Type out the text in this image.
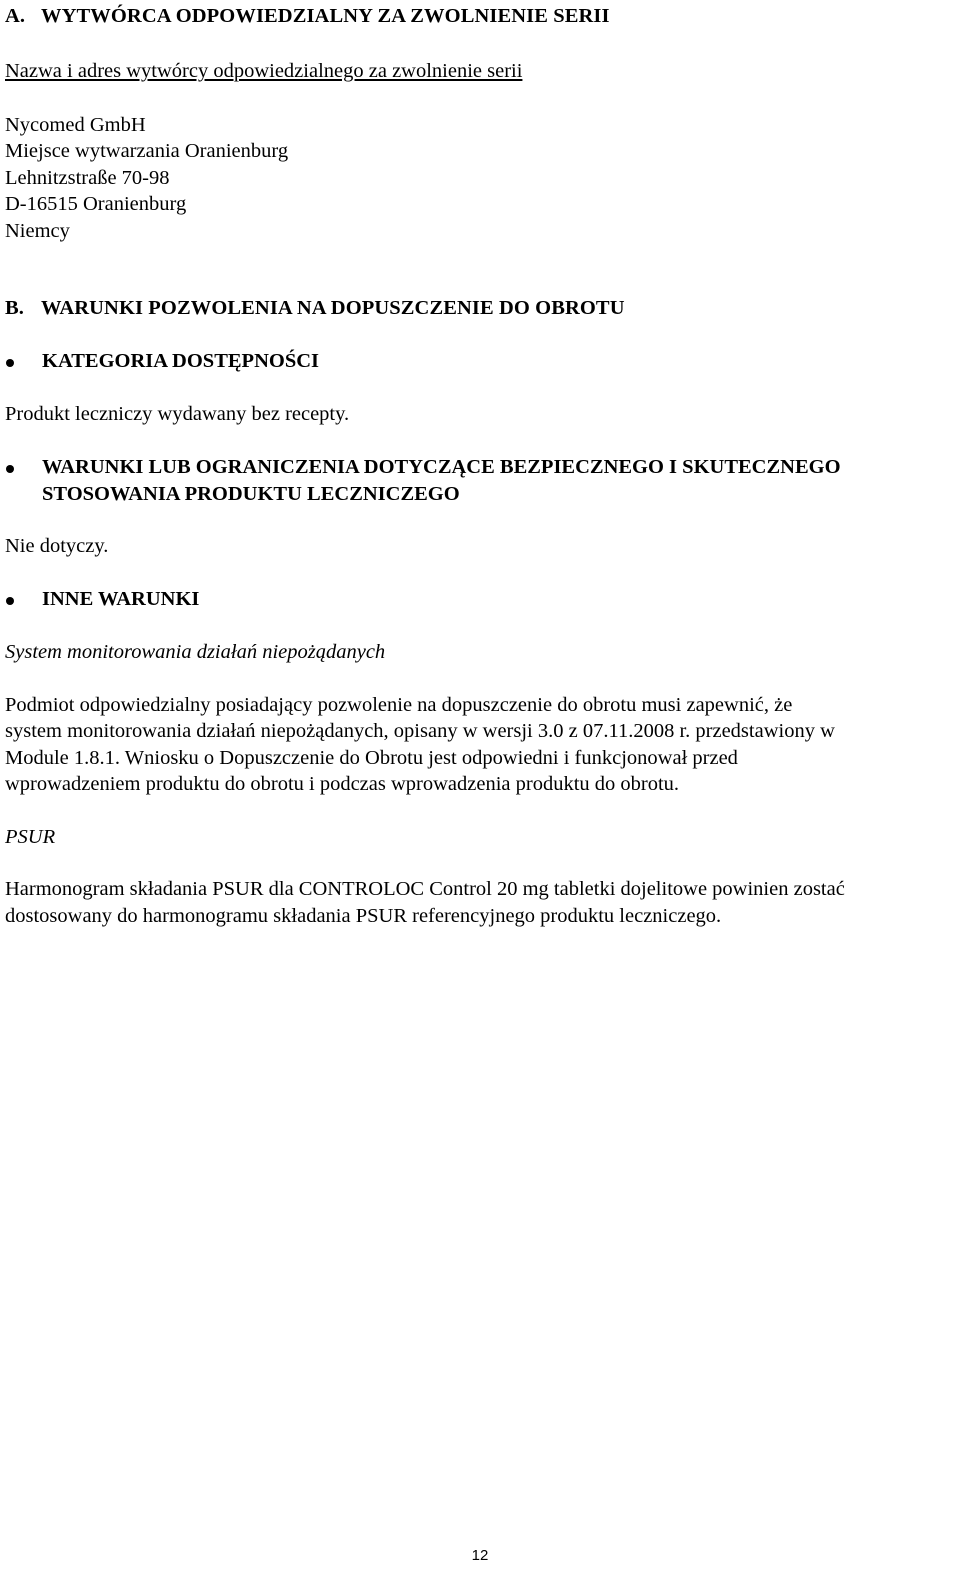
A. WYTWÓRCA ODPOWIEDZIALNY ZA ZWOLNIENIE SERII

Nazwa i adres wytwórcy odpowiedzialnego za zwolnienie serii

Nycomed GmbH

Miejsce wytwarzania Oranienburg

Lehnitzstraße 70-98

D-16515 Oranienburg

Niemcy

B. WARUNKI POZWOLENIA NA DOPUSZCZENIE DO OBROTU
KATEGORIA DOSTĘPNOŚCI

Produkt leczniczy wydawany bez recepty.

WARUNKI LUB OGRANICZENIA DOTYCZĄCE BEZPIECZNEGO I SKUTECZNEGO
STOSOWANIA PRODUKTU LECZNICZEGO

Nie dotyczy.

INNE WARUNKI

System monitorowania działań niepożądanych

Podmiot odpowiedzialny posiadający pozwolenie na dopuszczenie do obrotu musi zapewnić, że

system monitorowania działań niepożądanych, opisany w wersji 3.0 z 07.11.2008 r. przedstawiony w

Module 1.8.1. Wniosku o Dopuszczenie do Obrotu jest odpowiedni i funkcjonował przed

wprowadzeniem produktu do obrotu i podczas wprowadzenia produktu do obrotu.

PSUR

Harmonogram składania PSUR dla CONTROLOC Control 20 mg tabletki dojelitowe powinien zostać

dostosowany do harmonogramu składania PSUR referencyjnego produktu leczniczego.

12
